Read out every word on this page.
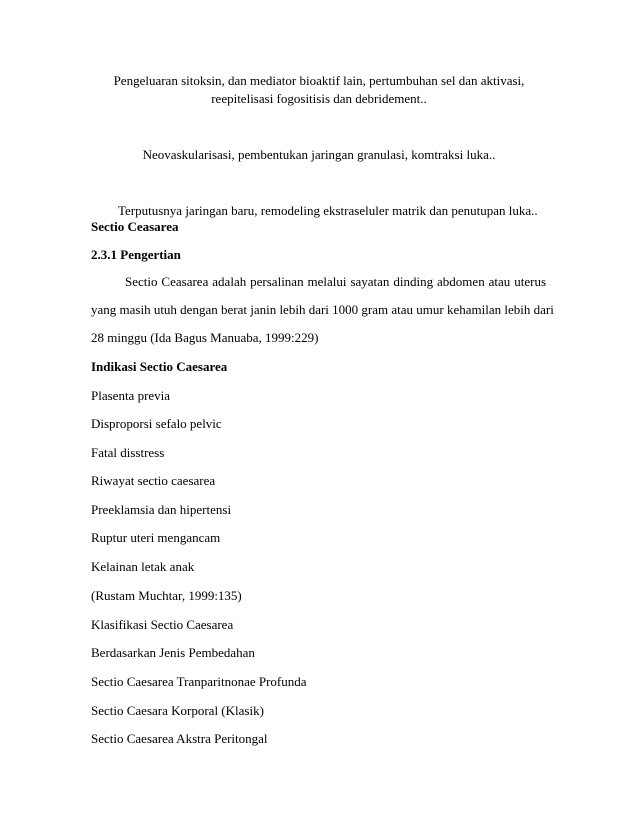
Pengeluaran sitoksin, dan mediator bioaktif lain, pertumbuhan sel dan aktivasi,
reepitelisasi fogositisis dan debridement..
Neovaskularisasi, pembentukan jaringan granulasi, komtraksi luka..
Terputusnya jaringan baru, remodeling ekstraseluler matrik dan penutupan luka..
Sectio Ceasarea
2.3.1 Pengertian
Sectio Ceasarea adalah persalinan melalui sayatan dinding abdomen atau uterus
yang masih utuh dengan berat janin lebih dari 1000 gram atau umur kehamilan lebih dari
28 minggu (Ida Bagus Manuaba, 1999:229)
Indikasi Sectio Caesarea
Plasenta previa
Disproporsi sefalo pelvic
Fatal disstress
Riwayat sectio caesarea
Preeklamsia dan hipertensi
Ruptur uteri mengancam
Kelainan letak anak
(Rustam Muchtar, 1999:135)
Klasifikasi Sectio Caesarea
Berdasarkan Jenis Pembedahan
Sectio Caesarea Tranparitnonae Profunda
Sectio Caesara Korporal (Klasik)
Sectio Caesarea Akstra Peritongal
